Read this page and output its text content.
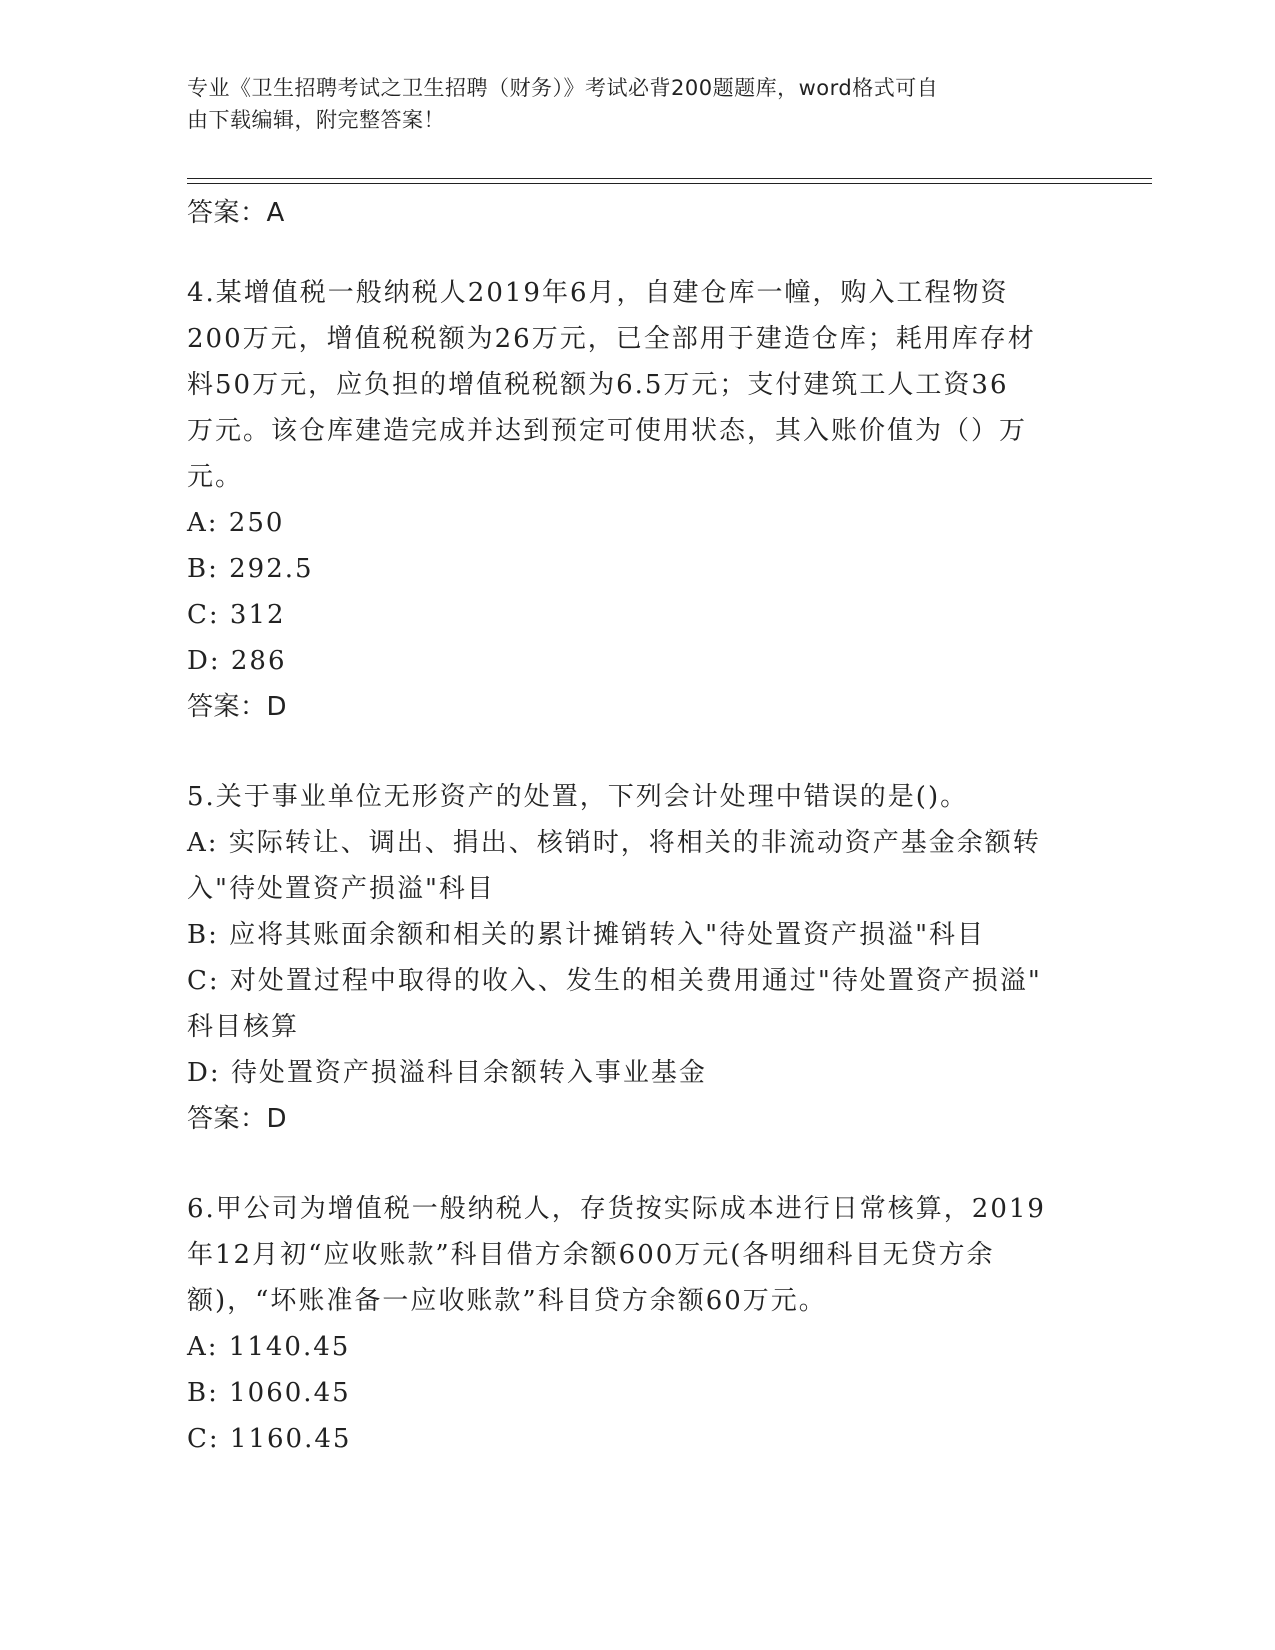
专业《卫生招聘考试之卫生招聘（财务）》考试必背200题题库，word格式可自
由下载编辑，附完整答案！
答案：A

4.某增值税一般纳税人2019年6月，自建仓库一幢，购入工程物资

200万元，增值税税额为26万元，已全部用于建造仓库；耗用库存材

料50万元，应负担的增值税税额为6.5万元；支付建筑工人工资36

万元。该仓库建造完成并达到预定可使用状态，其入账价值为（）万

元。

A: 250

B: 292.5

C: 312

D: 286

答案：D

5.关于事业单位无形资产的处置，下列会计处理中错误的是()。

A: 实际转让、调出、捐出、核销时，将相关的非流动资产基金余额转

入"待处置资产损溢"科目

B: 应将其账面余额和相关的累计摊销转入"待处置资产损溢"科目

C: 对处置过程中取得的收入、发生的相关费用通过"待处置资产损溢"

科目核算

D: 待处置资产损溢科目余额转入事业基金

答案：D

6.甲公司为增值税一般纳税人，存货按实际成本进行日常核算，2019

年12月初“应收账款”科目借方余额600万元(各明细科目无贷方余

额)，“坏账准备一应收账款”科目贷方余额60万元。

A: 1140.45

B: 1060.45

C: 1160.45
